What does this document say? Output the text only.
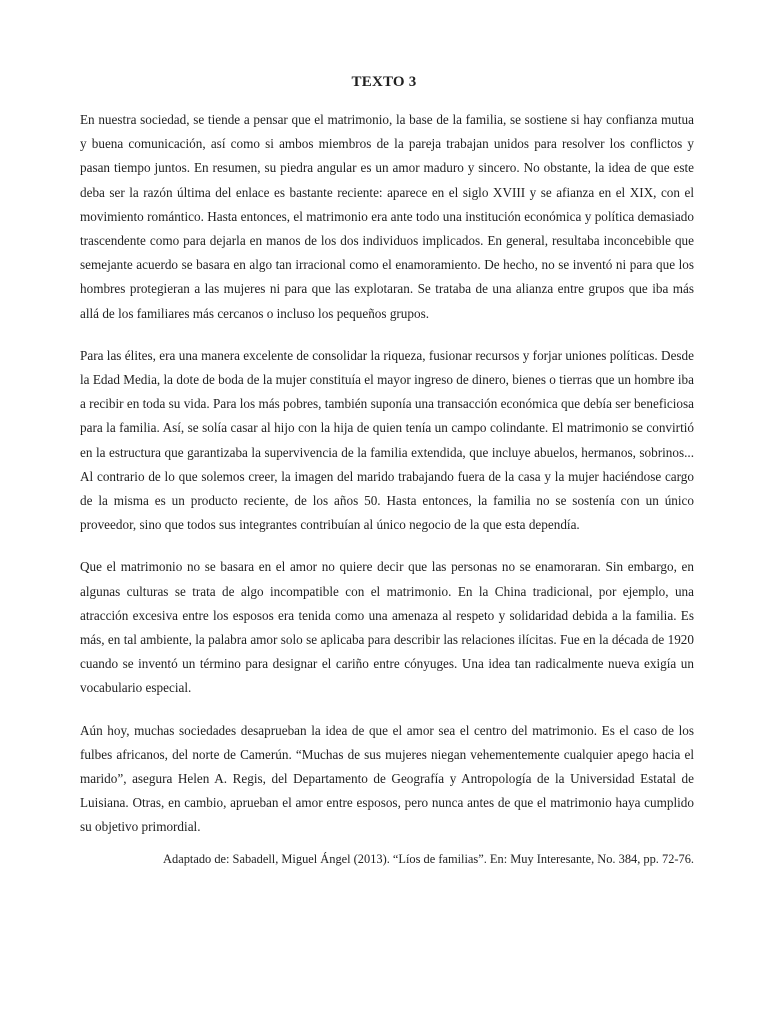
TEXTO 3

En nuestra sociedad, se tiende a pensar que el matrimonio, la base de la familia, se sostiene si hay confianza mutua y buena comunicación, así como si ambos miembros de la pareja trabajan unidos para resolver los conflictos y pasan tiempo juntos. En resumen, su piedra angular es un amor maduro y sincero. No obstante, la idea de que este deba ser la razón última del enlace es bastante reciente: aparece en el siglo XVIII y se afianza en el XIX, con el movimiento romántico. Hasta entonces, el matrimonio era ante todo una institución económica y política demasiado trascendente como para dejarla en manos de los dos individuos implicados. En general, resultaba inconcebible que semejante acuerdo se basara en algo tan irracional como el enamoramiento. De hecho, no se inventó ni para que los hombres protegieran a las mujeres ni para que las explotaran. Se trataba de una alianza entre grupos que iba más allá de los familiares más cercanos o incluso los pequeños grupos.

Para las élites, era una manera excelente de consolidar la riqueza, fusionar recursos y forjar uniones políticas. Desde la Edad Media, la dote de boda de la mujer constituía el mayor ingreso de dinero, bienes o tierras que un hombre iba a recibir en toda su vida. Para los más pobres, también suponía una transacción económica que debía ser beneficiosa para la familia. Así, se solía casar al hijo con la hija de quien tenía un campo colindante. El matrimonio se convirtió en la estructura que garantizaba la supervivencia de la familia extendida, que incluye abuelos, hermanos, sobrinos... Al contrario de lo que solemos creer, la imagen del marido trabajando fuera de la casa y la mujer haciéndose cargo de la misma es un producto reciente, de los años 50. Hasta entonces, la familia no se sostenía con un único proveedor, sino que todos sus integrantes contribuían al único negocio de la que esta dependía.

Que el matrimonio no se basara en el amor no quiere decir que las personas no se enamoraran. Sin embargo, en algunas culturas se trata de algo incompatible con el matrimonio. En la China tradicional, por ejemplo, una atracción excesiva entre los esposos era tenida como una amenaza al respeto y solidaridad debida a la familia. Es más, en tal ambiente, la palabra amor solo se aplicaba para describir las relaciones ilícitas. Fue en la década de 1920 cuando se inventó un término para designar el cariño entre cónyuges. Una idea tan radicalmente nueva exigía un vocabulario especial.

Aún hoy, muchas sociedades desaprueban la idea de que el amor sea el centro del matrimonio. Es el caso de los fulbes africanos, del norte de Camerún. “Muchas de sus mujeres niegan vehementemente cualquier apego hacia el marido”, asegura Helen A. Regis, del Departamento de Geografía y Antropología de la Universidad Estatal de Luisiana. Otras, en cambio, aprueban el amor entre esposos, pero nunca antes de que el matrimonio haya cumplido su objetivo primordial.

Adaptado de: Sabadell, Miguel Ángel (2013). “Líos de familias”. En: Muy Interesante, No. 384, pp. 72-76.
